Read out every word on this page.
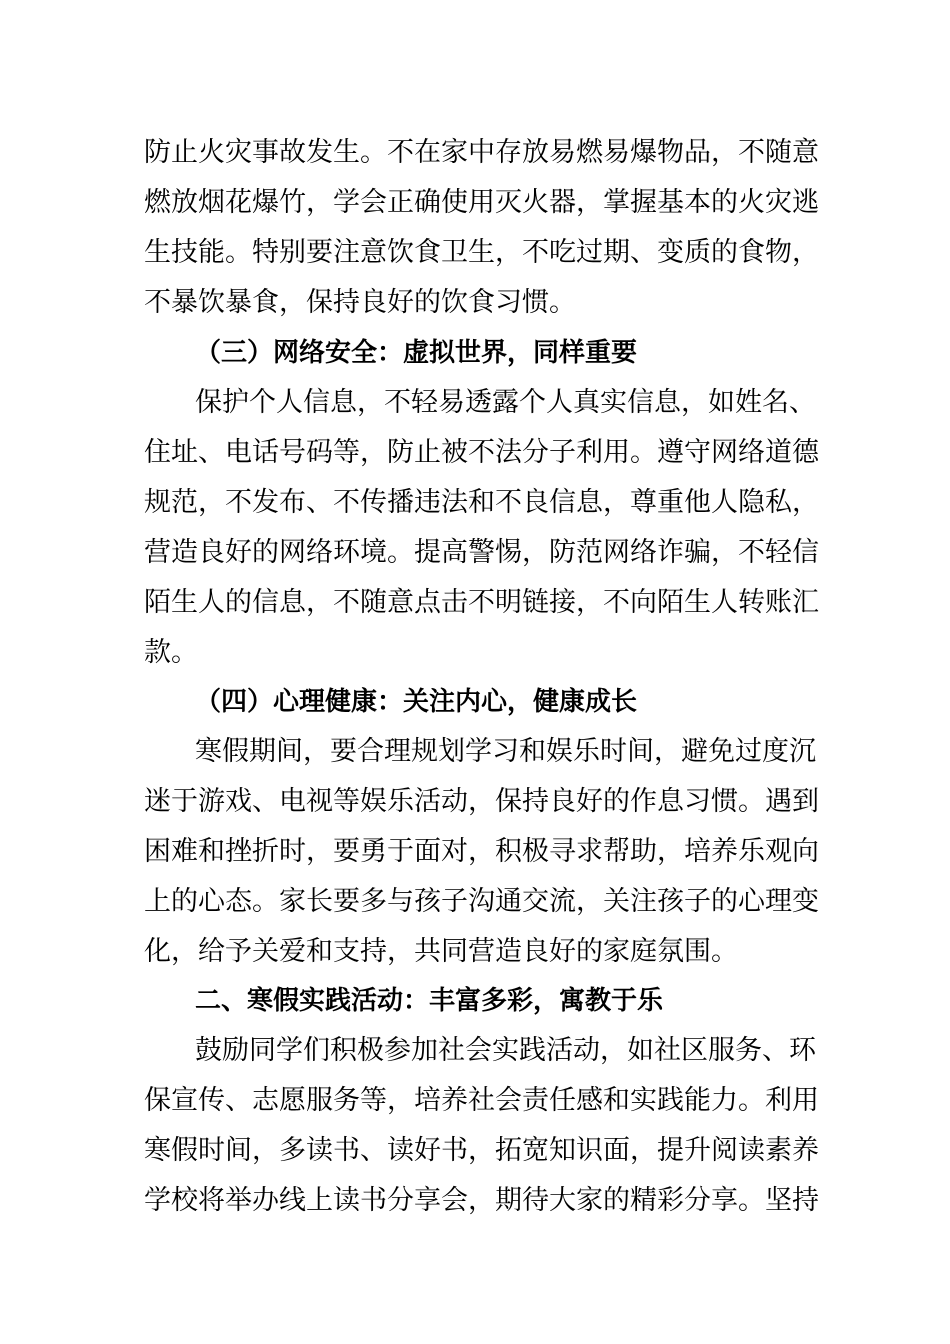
防止火灾事故发生。不在家中存放易燃易爆物品，不随意
燃放烟花爆竹，学会正确使用灭火器，掌握基本的火灾逃
生技能。特别要注意饮食卫生，不吃过期、变质的食物，
不暴饮暴食，保持良好的饮食习惯。
（三）网络安全：虚拟世界，同样重要
保护个人信息，不轻易透露个人真实信息，如姓名、
住址、电话号码等，防止被不法分子利用。遵守网络道德
规范，不发布、不传播违法和不良信息，尊重他人隐私，
营造良好的网络环境。提高警惕，防范网络诈骗，不轻信
陌生人的信息，不随意点击不明链接，不向陌生人转账汇
款。
（四）心理健康：关注内心，健康成长
寒假期间，要合理规划学习和娱乐时间，避免过度沉
迷于游戏、电视等娱乐活动，保持良好的作息习惯。遇到
困难和挫折时，要勇于面对，积极寻求帮助，培养乐观向
上的心态。家长要多与孩子沟通交流，关注孩子的心理变
化，给予关爱和支持，共同营造良好的家庭氛围。
二、寒假实践活动：丰富多彩，寓教于乐
鼓励同学们积极参加社会实践活动，如社区服务、环
保宣传、志愿服务等，培养社会责任感和实践能力。利用
寒假时间，多读书、读好书，拓宽知识面，提升阅读素养
学校将举办线上读书分享会，期待大家的精彩分享。坚持
